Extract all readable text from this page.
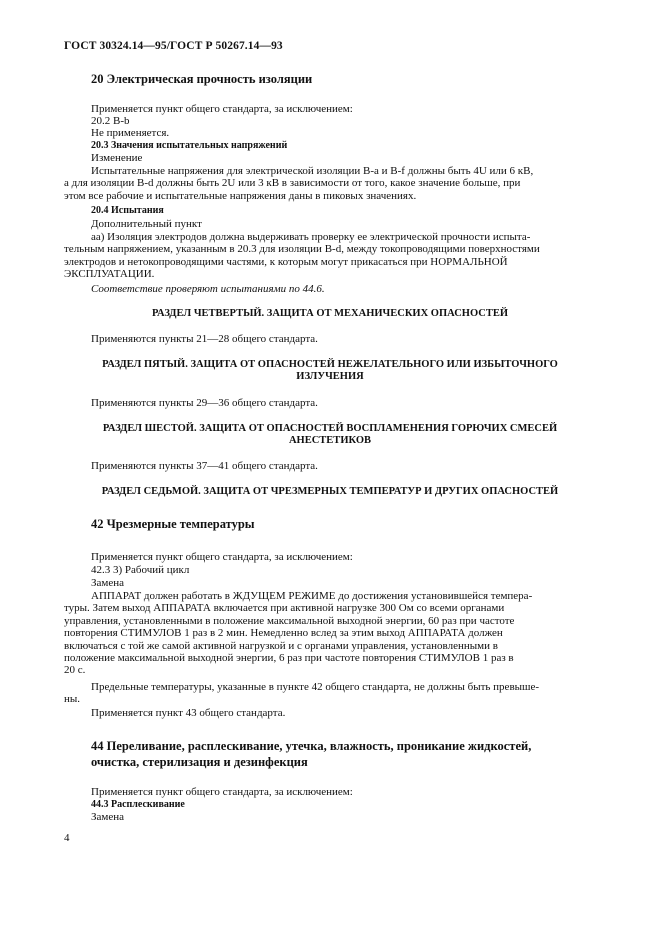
ГОСТ 30324.14—95/ГОСТ Р 50267.14—93
20 Электрическая прочность изоляции
Применяется пункт общего стандарта, за исключением:
20.2 B-b
Не применяется.
20.3 Значения испытательных напряжений
Изменение
Испытательные напряжения для электрической изоляции B-a и B-f должны быть 4U или 6 кВ,
а для изоляции B-d должны быть 2U или 3 кВ в зависимости от того, какое значение больше, при
этом все рабочие и испытательные напряжения даны в пиковых значениях.
20.4 Испытания
Дополнительный пункт
аа) Изоляция электродов должна выдерживать проверку ее электрической прочности испыта-
тельным напряжением, указанным в 20.3 для изоляции B-d, между токопроводящими поверхностями
электродов и нетокопроводящими частями, к которым могут прикасаться при НОРМАЛЬНОЙ
ЭКСПЛУАТАЦИИ.
Соответствие проверяют испытаниями по 44.6.
РАЗДЕЛ ЧЕТВЕРТЫЙ. ЗАЩИТА ОТ МЕХАНИЧЕСКИХ ОПАСНОСТЕЙ
Применяются пункты 21—28 общего стандарта.
РАЗДЕЛ ПЯТЫЙ. ЗАЩИТА ОТ ОПАСНОСТЕЙ НЕЖЕЛАТЕЛЬНОГО ИЛИ ИЗБЫТОЧНОГО
ИЗЛУЧЕНИЯ
Применяются пункты 29—36 общего стандарта.
РАЗДЕЛ ШЕСТОЙ. ЗАЩИТА ОТ ОПАСНОСТЕЙ ВОСПЛАМЕНЕНИЯ ГОРЮЧИХ СМЕСЕЙ
АНЕСТЕТИКОВ
Применяются пункты 37—41 общего стандарта.
РАЗДЕЛ СЕДЬМОЙ. ЗАЩИТА ОТ ЧРЕЗМЕРНЫХ ТЕМПЕРАТУР И ДРУГИХ ОПАСНОСТЕЙ
42 Чрезмерные температуры
Применяется пункт общего стандарта, за исключением:
42.3 3) Рабочий цикл
Замена
АППАРАТ должен работать в ЖДУЩЕМ РЕЖИМЕ до достижения установившейся темпера-
туры. Затем выход АППАРАТА включается при активной нагрузке 300 Ом со всеми органами
управления, установленными в положение максимальной выходной энергии, 60 раз при частоте
повторения СТИМУЛОВ 1 раз в 2 мин. Немедленно вслед за этим выход АППАРАТА должен
включаться с той же самой активной нагрузкой и с органами управления, установленными в
положение максимальной выходной энергии, 6 раз при частоте повторения СТИМУЛОВ 1 раз в
20 с.
Предельные температуры, указанные в пункте 42 общего стандарта, не должны быть превыше-
ны.
Применяется пункт 43 общего стандарта.
44 Переливание, расплескивание, утечка, влажность, проникание жидкостей,
очистка, стерилизация и дезинфекция
Применяется пункт общего стандарта, за исключением:
44.3 Расплескивание
Замена
4
